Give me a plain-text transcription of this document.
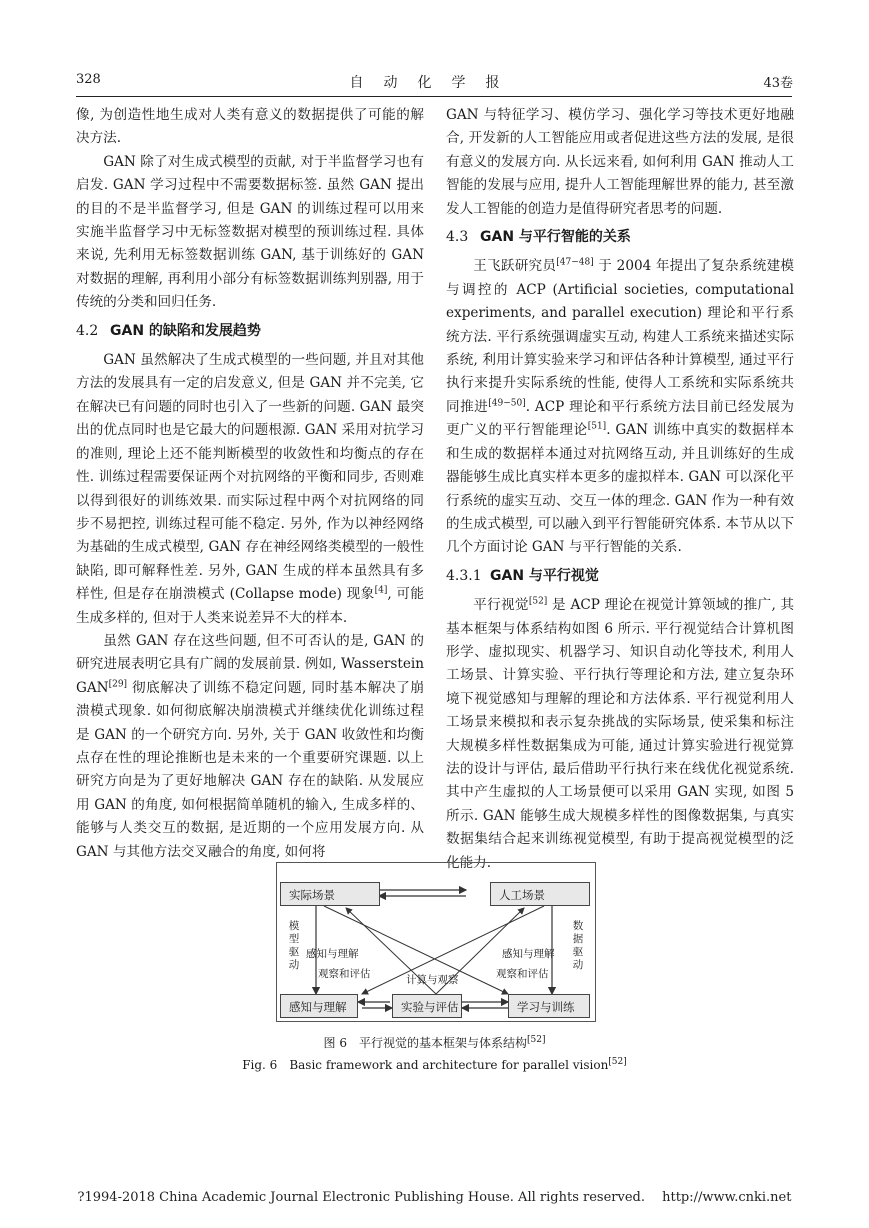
328	自动化学报	43卷

像, 为创造性地生成对人类有意义的数据提供了可能的解决方法.

GAN 除了对生成式模型的贡献, 对于半监督学习也有启发. GAN 学习过程中不需要数据标签. 虽然 GAN 提出的目的不是半监督学习, 但是 GAN 的训练过程可以用来实施半监督学习中无标签数据对模型的预训练过程. 具体来说, 先利用无标签数据训练 GAN, 基于训练好的 GAN 对数据的理解, 再利用小部分有标签数据训练判别器, 用于传统的分类和回归任务.

4.2 GAN 的缺陷和发展趋势

GAN 虽然解决了生成式模型的一些问题, 并且对其他方法的发展具有一定的启发意义, 但是 GAN 并不完美, 它在解决已有问题的同时也引入了一些新的问题. GAN 最突出的优点同时也是它最大的问题根源. GAN 采用对抗学习的准则, 理论上还不能判断模型的收敛性和均衡点的存在性. 训练过程需要保证两个对抗网络的平衡和同步, 否则难以得到很好的训练效果. 而实际过程中两个对抗网络的同步不易把控, 训练过程可能不稳定. 另外, 作为以神经网络为基础的生成式模型, GAN 存在神经网络类模型的一般性缺陷, 即可解释性差. 另外, GAN 生成的样本虽然具有多样性, 但是存在崩溃模式 (Collapse mode) 现象[4], 可能生成多样的, 但对于人类来说差异不大的样本.

虽然 GAN 存在这些问题, 但不可否认的是, GAN 的研究进展表明它具有广阔的发展前景. 例如, Wasserstein GAN[29] 彻底解决了训练不稳定问题, 同时基本解决了崩溃模式现象. 如何彻底解决崩溃模式并继续优化训练过程是 GAN 的一个研究方向. 另外, 关于 GAN 收敛性和均衡点存在性的理论推断也是未来的一个重要研究课题. 以上研究方向是为了更好地解决 GAN 存在的缺陷. 从发展应用 GAN 的角度, 如何根据简单随机的输入, 生成多样的、能够与人类交互的数据, 是近期的一个应用发展方向. 从 GAN 与其他方法交叉融合的角度, 如何将

GAN 与特征学习、模仿学习、强化学习等技术更好地融合, 开发新的人工智能应用或者促进这些方法的发展, 是很有意义的发展方向. 从长远来看, 如何利用 GAN 推动人工智能的发展与应用, 提升人工智能理解世界的能力, 甚至激发人工智能的创造力是值得研究者思考的问题.

4.3 GAN 与平行智能的关系

王飞跃研究员[47−48] 于 2004 年提出了复杂系统建模与调控的 ACP (Artificial societies, computational experiments, and parallel execution) 理论和平行系统方法. 平行系统强调虚实互动, 构建人工系统来描述实际系统, 利用计算实验来学习和评估各种计算模型, 通过平行执行来提升实际系统的性能, 使得人工系统和实际系统共同推进[49−50]. ACP 理论和平行系统方法目前已经发展为更广义的平行智能理论[51]. GAN 训练中真实的数据样本和生成的数据样本通过对抗网络互动, 并且训练好的生成器能够生成比真实样本更多的虚拟样本. GAN 可以深化平行系统的虚实互动、交互一体的理念. GAN 作为一种有效的生成式模型, 可以融入到平行智能研究体系. 本节从以下几个方面讨论 GAN 与平行智能的关系.

4.3.1 GAN 与平行视觉

平行视觉[52] 是 ACP 理论在视觉计算领域的推广, 其基本框架与体系结构如图 6 所示. 平行视觉结合计算机图形学、虚拟现实、机器学习、知识自动化等技术, 利用人工场景、计算实验、平行执行等理论和方法, 建立复杂环境下视觉感知与理解的理论和方法体系. 平行视觉利用人工场景来模拟和表示复杂挑战的实际场景, 使采集和标注大规模多样性数据集成为可能, 通过计算实验进行视觉算法的设计与评估, 最后借助平行执行来在线优化视觉系统. 其中产生虚拟的人工场景便可以采用 GAN 实现, 如图 5 所示. GAN 能够生成大规模多样性的图像数据集, 与真实数据集结合起来训练视觉模型, 有助于提高视觉模型的泛化能力.

实际场景	人工场景
感知与理解	实验与评估	学习与训练
模型驱动
数据驱动
感知与理解
观察和评估	计算与观察
感知与理解
观察和评估
图 6　平行视觉的基本框架与体系结构[52]
Fig. 6　Basic framework and architecture for parallel vision[52]
?1994-2018 China Academic Journal Electronic Publishing House. All rights reserved.　 http://www.cnki.net
